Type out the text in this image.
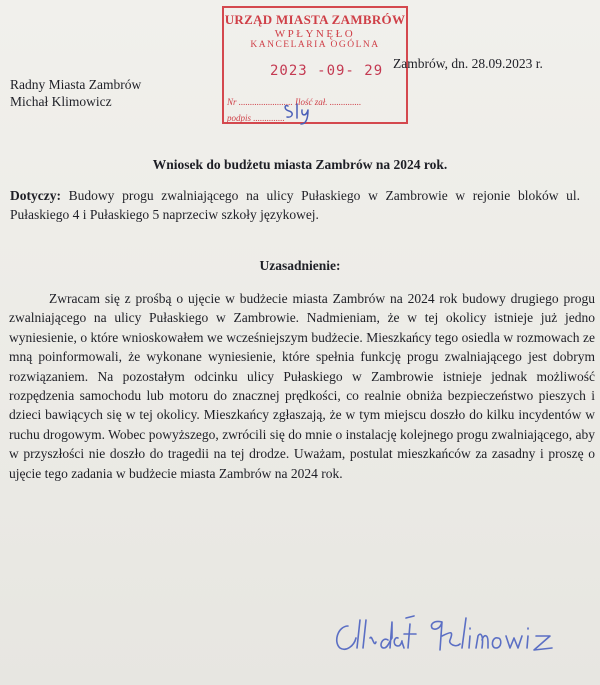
URZĄD MIASTA ZAMBRÓW
WPŁYNĘŁO
KANCELARIA OGÓLNA
2023 -09- 29
Nr ........................ Ilość zał. ..............
podpis ..............
Zambrów, dn. 28.09.2023 r.
Radny Miasta Zambrów
Michał Klimowicz
Wniosek do budżetu miasta Zambrów na 2024 rok.
Dotyczy: Budowy progu zwalniającego na ulicy Pułaskiego w Zambrowie w rejonie bloków ul. Pułaskiego 4 i Pułaskiego 5 naprzeciw szkoły językowej.
Uzasadnienie:
Zwracam się z prośbą o ujęcie w budżecie miasta Zambrów na 2024 rok budowy drugiego progu zwalniającego na ulicy Pułaskiego w Zambrowie. Nadmieniam, że w tej okolicy istnieje już jedno wyniesienie, o które wnioskowałem we wcześniejszym budżecie. Mieszkańcy tego osiedla w rozmowach ze mną poinformowali, że wykonane wyniesienie, które spełnia funkcję progu zwalniającego jest dobrym rozwiązaniem. Na pozostałym odcinku ulicy Pułaskiego w Zambrowie istnieje jednak możliwość rozpędzenia samochodu lub motoru do znacznej prędkości, co realnie obniża bezpieczeństwo pieszych i dzieci bawiących się w tej okolicy. Mieszkańcy zgłaszają, że w tym miejscu doszło do kilku incydentów w ruchu drogowym. Wobec powyższego, zwrócili się do mnie o instalację kolejnego progu zwalniającego, aby w przyszłości nie doszło do tragedii na tej drodze. Uważam, postulat mieszkańców za zasadny i proszę o ujęcie tego zadania w budżecie miasta Zambrów na 2024 rok.
